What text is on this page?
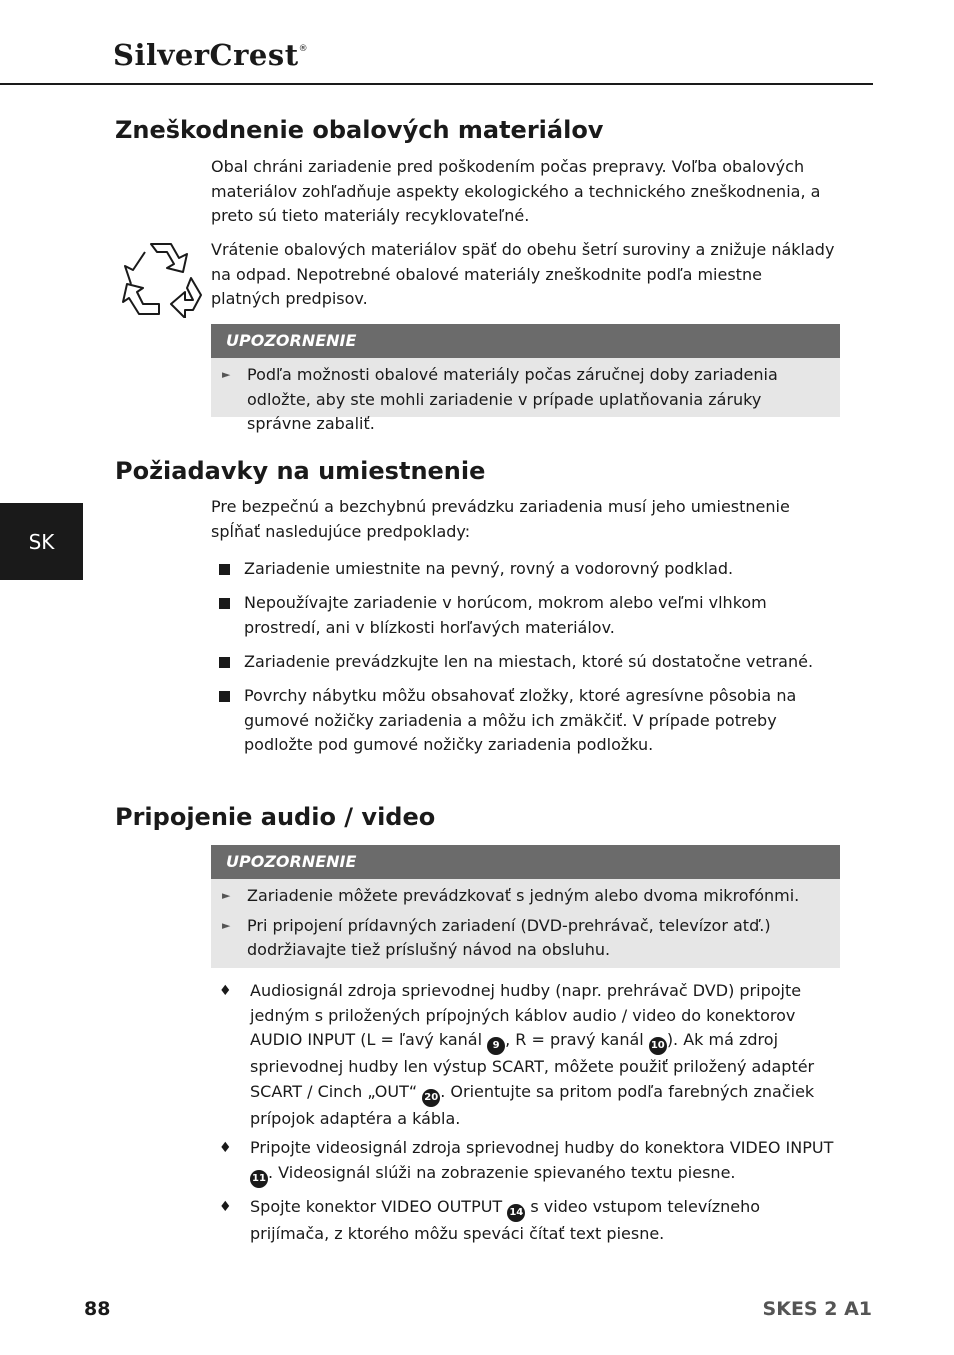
SilverCrest®
SK
Zneškodnenie obalových materiálov

Obal chráni zariadenie pred poškodením počas prepravy. Voľba obalových materiálov zohľadňuje aspekty ekologického a technického zneškodnenia, a preto sú tieto materiály recyklovateľné.

Vrátenie obalových materiálov späť do obehu šetrí suroviny a znižuje náklady na odpad. Nepotrebné obalové materiály zneškodnite podľa miestne platných predpisov.

UPOZORNENIE
► Podľa možnosti obalové materiály počas záručnej doby zariadenia odložte, aby ste mohli zariadenie v prípade uplatňovania záruky správne zabaliť.
Požiadavky na umiestnenie

Pre bezpečnú a bezchybnú prevádzku zariadenia musí jeho umiestnenie spĺňať nasledujúce predpoklady:

Zariadenie umiestnite na pevný, rovný a vodorovný podklad.
Nepoužívajte zariadenie v horúcom, mokrom alebo veľmi vlhkom prostredí, ani v blízkosti horľavých materiálov.
Zariadenie prevádzkujte len na miestach, ktoré sú dostatočne vetrané.
Povrchy nábytku môžu obsahovať zložky, ktoré agresívne pôsobia na gumové nožičky zariadenia a môžu ich zmäkčiť. V prípade potreby podložte pod gumové nožičky zariadenia podložku.
Pripojenie audio / video
UPOZORNENIE
► Zariadenie môžete prevádzkovať s jedným alebo dvoma mikrofónmi.
► Pri pripojení prídavných zariadení (DVD-prehrávač, televízor atď.) dodržiavajte tiež príslušný návod na obsluhu.
♦ Audiosignál zdroja sprievodnej hudby (napr. prehrávač DVD) pripojte jedným s priložených prípojných káblov audio / video do konektorov AUDIO INPUT (L = ľavý kanál 9 , R = pravý kanál 10 ). Ak má zdroj sprievodnej hudby len výstup SCART, môžete použiť priložený adaptér SCART / Cinch „OUT“ 20 . Orientujte sa pritom podľa farebných značiek prípojok adaptéra a kábla.
♦ Pripojte videosignál zdroja sprievodnej hudby do konektora VIDEO INPUT 11 . Videosignál slúži na zobrazenie spievaného textu piesne.
♦ Spojte konektor VIDEO OUTPUT 14 s video vstupom televízneho prijímača, z ktorého môžu speváci čítať text piesne.
88	SKES 2 A1
